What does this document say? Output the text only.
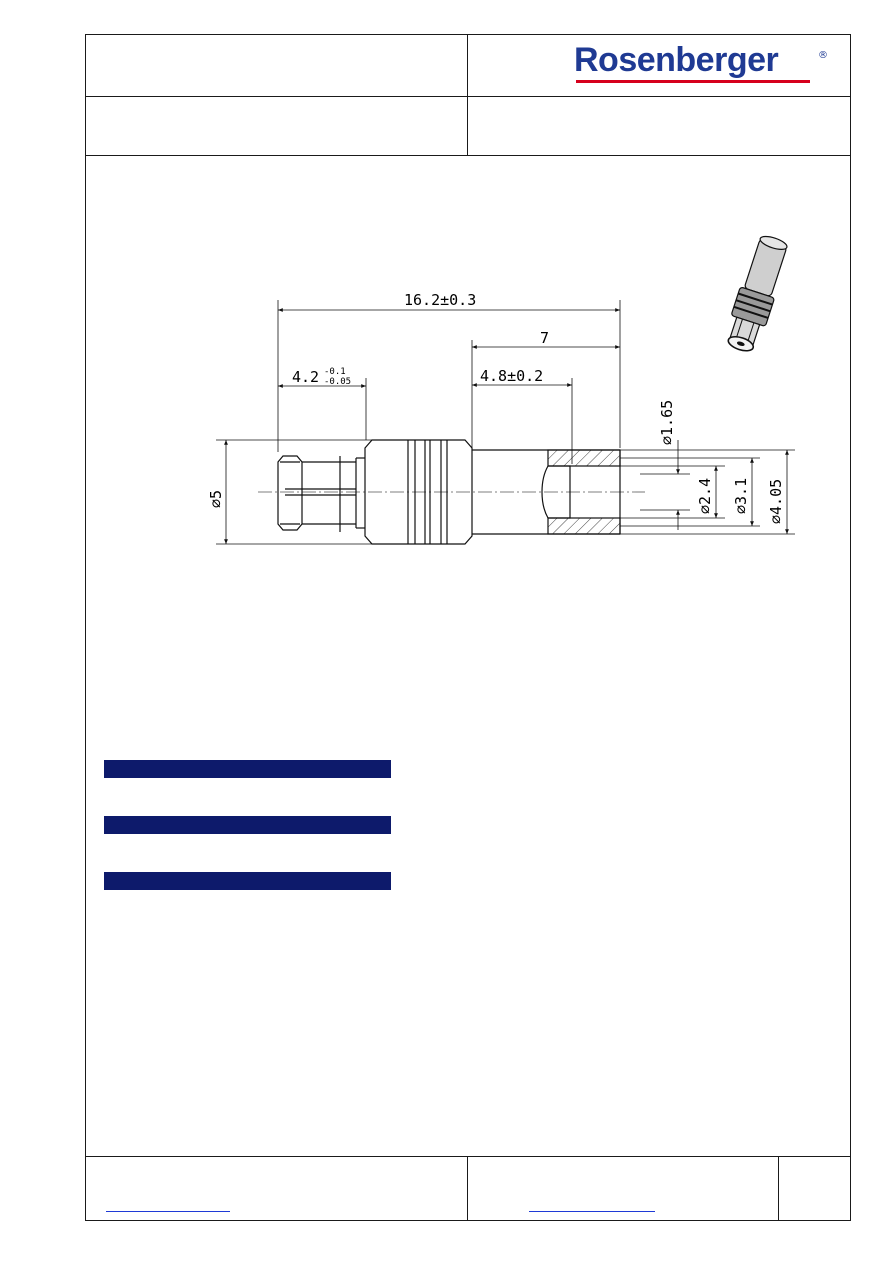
Rosenberger	®
16.2±0.3
7
4.8±0.2
4.2 -0.1
-0.05
⌀5
⌀1.65
⌀2.4 ⌀3.1 ⌀4.05
